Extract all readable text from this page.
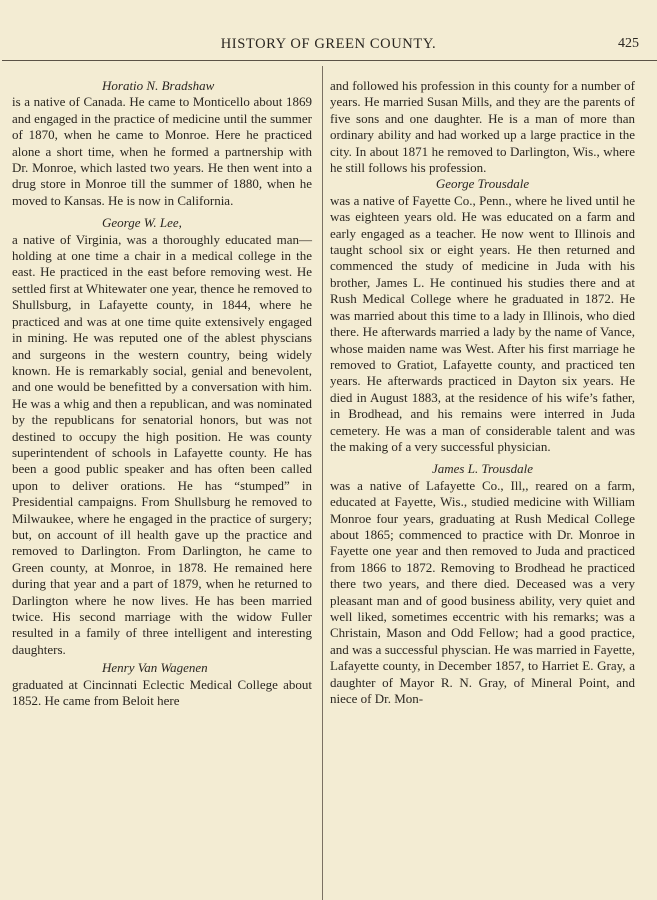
HISTORY OF GREEN COUNTY.	425
Horatio N. Bradshaw

is a native of Canada. He came to Monticello about 1869 and engaged in the practice of medicine until the summer of 1870, when he came to Monroe. Here he practiced alone a short time, when he formed a partnership with Dr. Monroe, which lasted two years. He then went into a drug store in Monroe till the summer of 1880, when he moved to Kansas. He is now in California.

George W. Lee,

a native of Virginia, was a thoroughly educated man—holding at one time a chair in a medical college in the east. He practiced in the east before removing west. He settled first at Whitewater one year, thence he removed to Shullsburg, in Lafayette county, in 1844, where he practiced and was at one time quite extensively engaged in mining. He was reputed one of the ablest physcians and surgeons in the western country, being widely known. He is remarkably social, genial and benevolent, and one would be benefitted by a conversation with him. He was a whig and then a republican, and was nominated by the republicans for senatorial honors, but was not destined to occupy the high position. He was county superintendent of schools in Lafayette county. He has been a good public speaker and has often been called upon to deliver orations. He has “stumped” in Presidential campaigns. From Shullsburg he removed to Milwaukee, where he engaged in the practice of surgery; but, on account of ill health gave up the practice and removed to Darlington. From Darlington, he came to Green county, at Monroe, in 1878. He remained here during that year and a part of 1879, when he returned to Darlington where he now lives. He has been married twice. His second marriage with the widow Fuller resulted in a family of three intelligent and interesting daughters.

Henry Van Wagenen

graduated at Cincinnati Eclectic Medical College about 1852. He came from Beloit here

and followed his profession in this county for a number of years. He married Susan Mills, and they are the parents of five sons and one daughter. He is a man of more than ordinary ability and had worked up a large practice in the city. In about 1871 he removed to Darlington, Wis., where he still follows his profession.

George Trousdale

was a native of Fayette Co., Penn., where he lived until he was eighteen years old. He was educated on a farm and early engaged as a teacher. He now went to Illinois and taught school six or eight years. He then returned and commenced the study of medicine in Juda with his brother, James L. He continued his studies there and at Rush Medical College where he graduated in 1872. He was married about this time to a lady in Illinois, who died there. He afterwards married a lady by the name of Vance, whose maiden name was West. After his first marriage he removed to Gratiot, Lafayette county, and practiced ten years. He afterwards practiced in Dayton six years. He died in August 1883, at the residence of his wife’s father, in Brodhead, and his remains were interred in Juda cemetery. He was a man of considerable talent and was the making of a very successful physician.

James L. Trousdale

was a native of Lafayette Co., Ill,, reared on a farm, educated at Fayette, Wis., studied medicine with William Monroe four years, graduating at Rush Medical College about 1865; commenced to practice with Dr. Monroe in Fayette one year and then removed to Juda and practiced from 1866 to 1872. Removing to Brodhead he practiced there two years, and there died. Deceased was a very pleasant man and of good business ability, very quiet and well liked, sometimes eccentric with his remarks; was a Christain, Mason and Odd Fellow; had a good practice, and was a successful physcian. He was married in Fayette, Lafayette county, in December 1857, to Harriet E. Gray, a daughter of Mayor R. N. Gray, of Mineral Point, and niece of Dr. Mon-
